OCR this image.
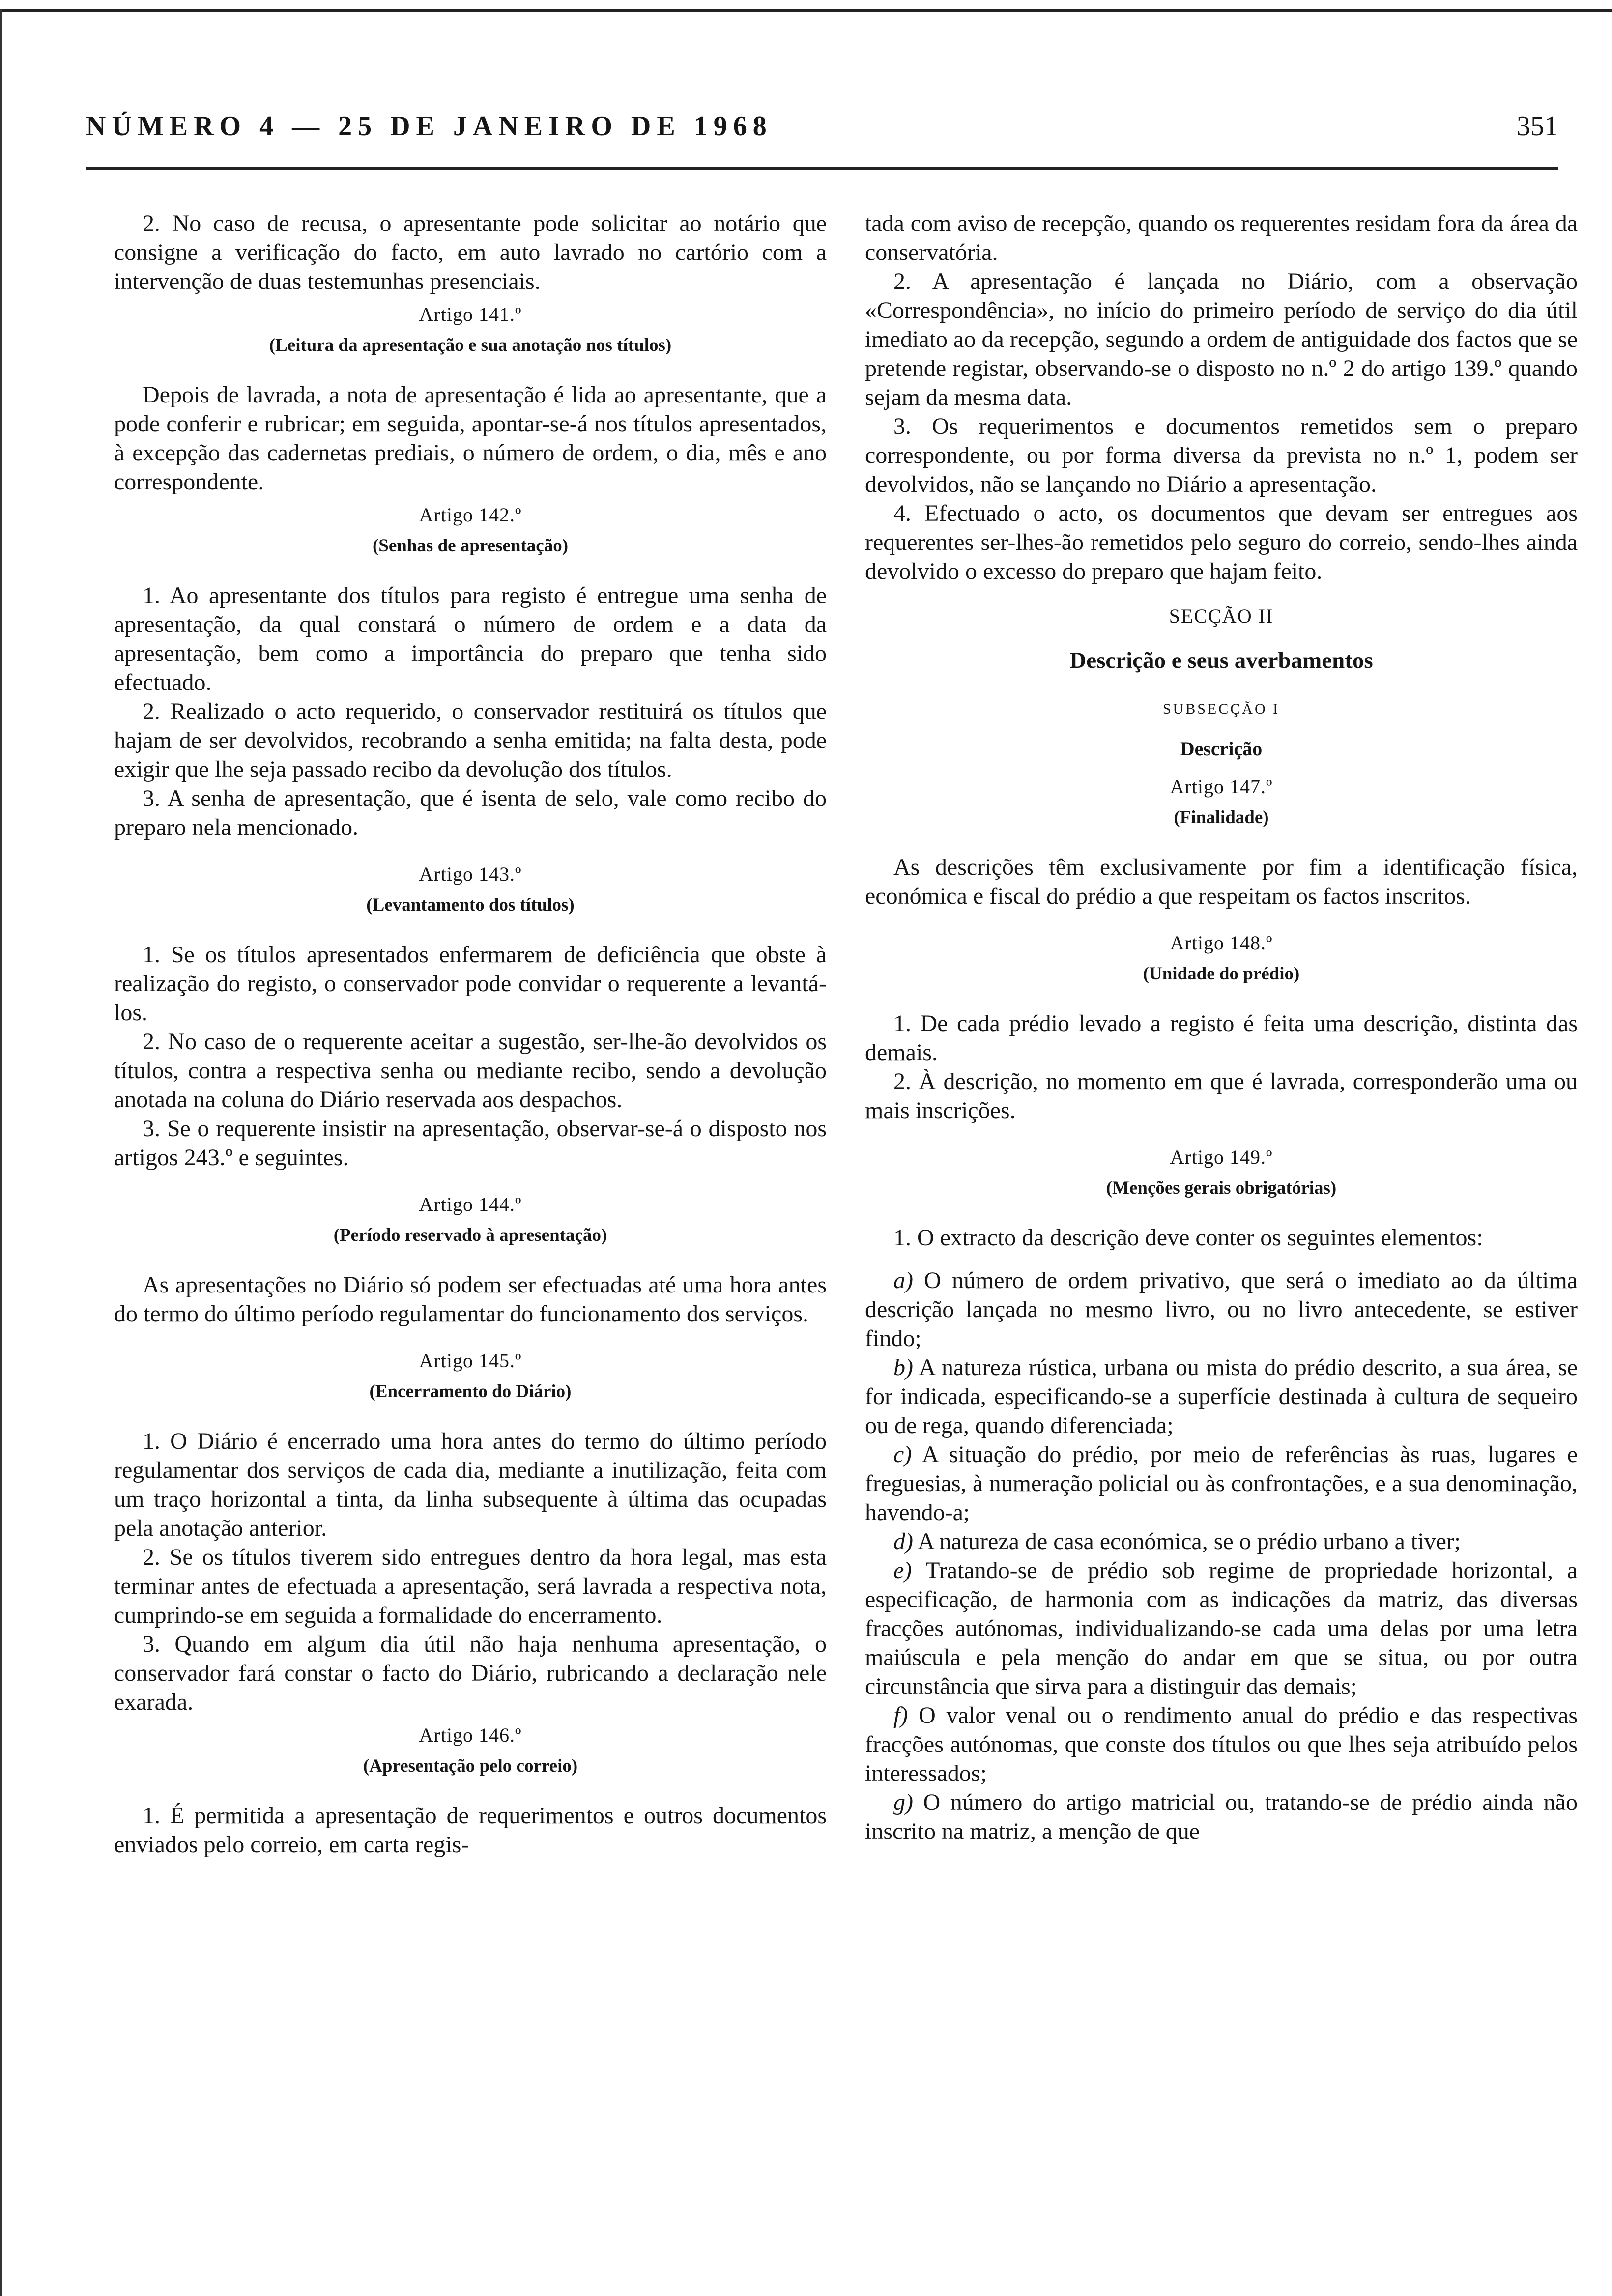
NÚMERO 4 — 25 DE JANEIRO DE 1968	351

2. No caso de recusa, o apresentante pode solicitar ao notário que consigne a verificação do facto, em auto lavrado no cartório com a intervenção de duas testemunhas presenciais.

Artigo 141.º
(Leitura da apresentação e sua anotação nos títulos)

Depois de lavrada, a nota de apresentação é lida ao apresentante, que a pode conferir e rubricar; em seguida, apontar-se-á nos títulos apresentados, à excepção das cadernetas prediais, o número de ordem, o dia, mês e ano correspondente.

Artigo 142.º
(Senhas de apresentação)

1. Ao apresentante dos títulos para registo é entregue uma senha de apresentação, da qual constará o número de ordem e a data da apresentação, bem como a importância do preparo que tenha sido efectuado.

2. Realizado o acto requerido, o conservador restituirá os títulos que hajam de ser devolvidos, recobrando a senha emitida; na falta desta, pode exigir que lhe seja passado recibo da devolução dos títulos.

3. A senha de apresentação, que é isenta de selo, vale como recibo do preparo nela mencionado.

Artigo 143.º
(Levantamento dos títulos)

1. Se os títulos apresentados enfermarem de deficiência que obste à realização do registo, o conservador pode convidar o requerente a levantá-los.

2. No caso de o requerente aceitar a sugestão, ser-lhe-ão devolvidos os títulos, contra a respectiva senha ou mediante recibo, sendo a devolução anotada na coluna do Diário reservada aos despachos.

3. Se o requerente insistir na apresentação, observar-se-á o disposto nos artigos 243.º e seguintes.

Artigo 144.º
(Período reservado à apresentação)

As apresentações no Diário só podem ser efectuadas até uma hora antes do termo do último período regulamentar do funcionamento dos serviços.

Artigo 145.º
(Encerramento do Diário)

1. O Diário é encerrado uma hora antes do termo do último período regulamentar dos serviços de cada dia, mediante a inutilização, feita com um traço horizontal a tinta, da linha subsequente à última das ocupadas pela anotação anterior.

2. Se os títulos tiverem sido entregues dentro da hora legal, mas esta terminar antes de efectuada a apresentação, será lavrada a respectiva nota, cumprindo-se em seguida a formalidade do encerramento.

3. Quando em algum dia útil não haja nenhuma apresentação, o conservador fará constar o facto do Diário, rubricando a declaração nele exarada.

Artigo 146.º
(Apresentação pelo correio)

1. É permitida a apresentação de requerimentos e outros documentos enviados pelo correio, em carta regis-

tada com aviso de recepção, quando os requerentes residam fora da área da conservatória.

2. A apresentação é lançada no Diário, com a observação «Correspondência», no início do primeiro período de serviço do dia útil imediato ao da recepção, segundo a ordem de antiguidade dos factos que se pretende registar, observando-se o disposto no n.º 2 do artigo 139.º quando sejam da mesma data.

3. Os requerimentos e documentos remetidos sem o preparo correspondente, ou por forma diversa da prevista no n.º 1, podem ser devolvidos, não se lançando no Diário a apresentação.

4. Efectuado o acto, os documentos que devam ser entregues aos requerentes ser-lhes-ão remetidos pelo seguro do correio, sendo-lhes ainda devolvido o excesso do preparo que hajam feito.

SECÇÃO II
Descrição e seus averbamentos
SUBSECÇÃO I
Descrição
Artigo 147.º
(Finalidade)

As descrições têm exclusivamente por fim a identificação física, económica e fiscal do prédio a que respeitam os factos inscritos.

Artigo 148.º
(Unidade do prédio)

1. De cada prédio levado a registo é feita uma descrição, distinta das demais.

2. À descrição, no momento em que é lavrada, corresponderão uma ou mais inscrições.

Artigo 149.º
(Menções gerais obrigatórias)

1. O extracto da descrição deve conter os seguintes elementos:

a) O número de ordem privativo, que será o imediato ao da última descrição lançada no mesmo livro, ou no livro antecedente, se estiver findo;

b) A natureza rústica, urbana ou mista do prédio descrito, a sua área, se for indicada, especificando-se a superfície destinada à cultura de sequeiro ou de rega, quando diferenciada;

c) A situação do prédio, por meio de referências às ruas, lugares e freguesias, à numeração policial ou às confrontações, e a sua denominação, havendo-a;

d) A natureza de casa económica, se o prédio urbano a tiver;

e) Tratando-se de prédio sob regime de propriedade horizontal, a especificação, de harmonia com as indicações da matriz, das diversas fracções autónomas, individualizando-se cada uma delas por uma letra maiúscula e pela menção do andar em que se situa, ou por outra circunstância que sirva para a distinguir das demais;

f) O valor venal ou o rendimento anual do prédio e das respectivas fracções autónomas, que conste dos títulos ou que lhes seja atribuído pelos interessados;

g) O número do artigo matricial ou, tratando-se de prédio ainda não inscrito na matriz, a menção de que
